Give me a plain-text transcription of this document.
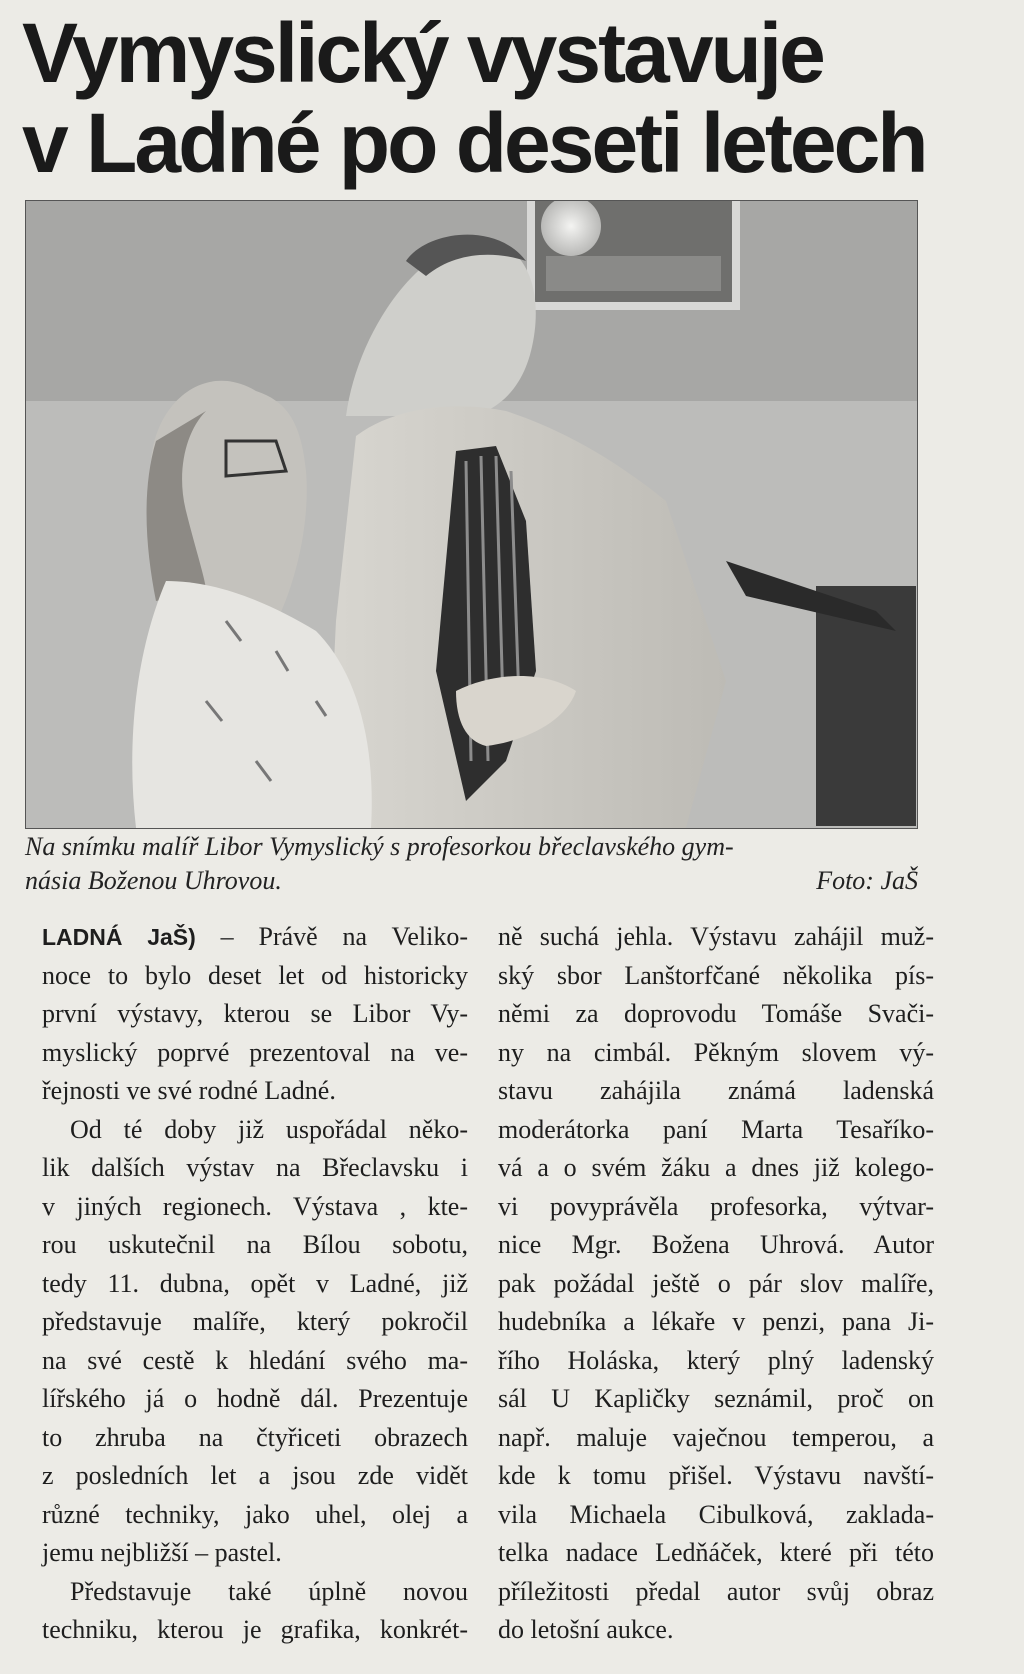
Vymyslický vystavuje
v Ladné po deseti letech
Na snímku malíř Libor Vymyslický s profesorkou břeclavského gym-
násia Boženou Uhrovou.	Foto: JaŠ
LADNÁ JaŠ) – Právě na Veliko-
noce to bylo deset let od historicky
první výstavy, kterou se Libor Vy-
myslický poprvé prezentoval na ve-
řejnosti ve své rodné Ladné.
Od té doby již uspořádal něko-
lik dalších výstav na Břeclavsku i
v jiných regionech. Výstava , kte-
rou uskutečnil na Bílou sobotu,
tedy 11. dubna, opět v Ladné, již
představuje malíře, který pokročil
na své cestě k hledání svého ma-
lířského já o hodně dál. Prezentuje
to zhruba na čtyřiceti obrazech
z posledních let a jsou zde vidět
různé techniky, jako uhel, olej a
jemu nejbližší – pastel.
Představuje také úplně novou
techniku, kterou je grafika, konkrét-
ně suchá jehla. Výstavu zahájil muž-
ský sbor Lanštorfčané několika pís-
němi za doprovodu Tomáše Svači-
ny na cimbál. Pěkným slovem vý-
stavu zahájila známá ladenská
moderátorka paní Marta Tesaříko-
vá a o svém žáku a dnes již kolego-
vi povyprávěla profesorka, výtvar-
nice Mgr. Božena Uhrová. Autor
pak požádal ještě o pár slov malíře,
hudebníka a lékaře v penzi, pana Ji-
řího Holáska, který plný ladenský
sál U Kapličky seznámil, proč on
např. maluje vaječnou temperou, a
kde k tomu přišel. Výstavu navští-
vila Michaela Cibulková, zaklada-
telka nadace Ledňáček, které při této
příležitosti předal autor svůj obraz
do letošní aukce.
